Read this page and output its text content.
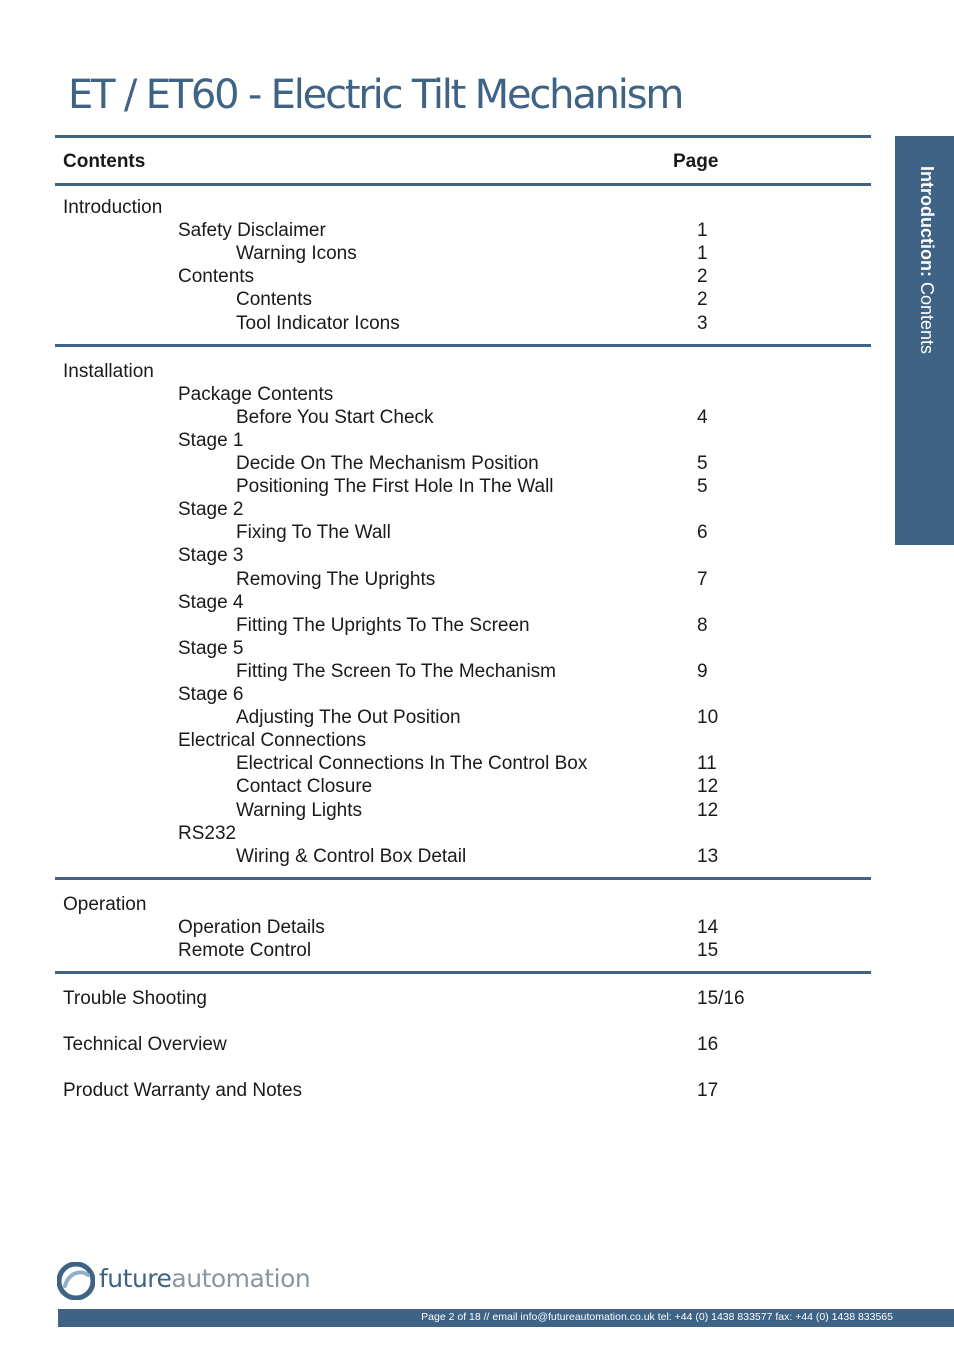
ET / ET60 - Electric Tilt Mechanism
Introduction: Contents
Contents	Page
Introduction
Safety Disclaimer	1
Warning Icons	1
Contents	2
Contents	2
Tool Indicator Icons	3
Installation
Package Contents
Before You Start Check	4
Stage 1
Decide On The Mechanism Position	5
Positioning The First Hole In The Wall	5
Stage 2
Fixing To The Wall	6
Stage 3
Removing The Uprights	7
Stage 4
Fitting The Uprights To The Screen	8
Stage 5
Fitting The Screen To The Mechanism	9
Stage 6
Adjusting The Out Position	10
Electrical Connections
Electrical Connections In The Control Box	11
Contact Closure	12
Warning Lights	12
RS232
Wiring & Control Box Detail	13
Operation
Operation Details	14
Remote Control	15
Trouble Shooting	15/16
Technical Overview	16
Product Warranty and Notes	17
futureautomation
Page 2 of 18 // email info@futureautomation.co.uk tel: +44 (0) 1438 833577 fax: +44 (0) 1438 833565
